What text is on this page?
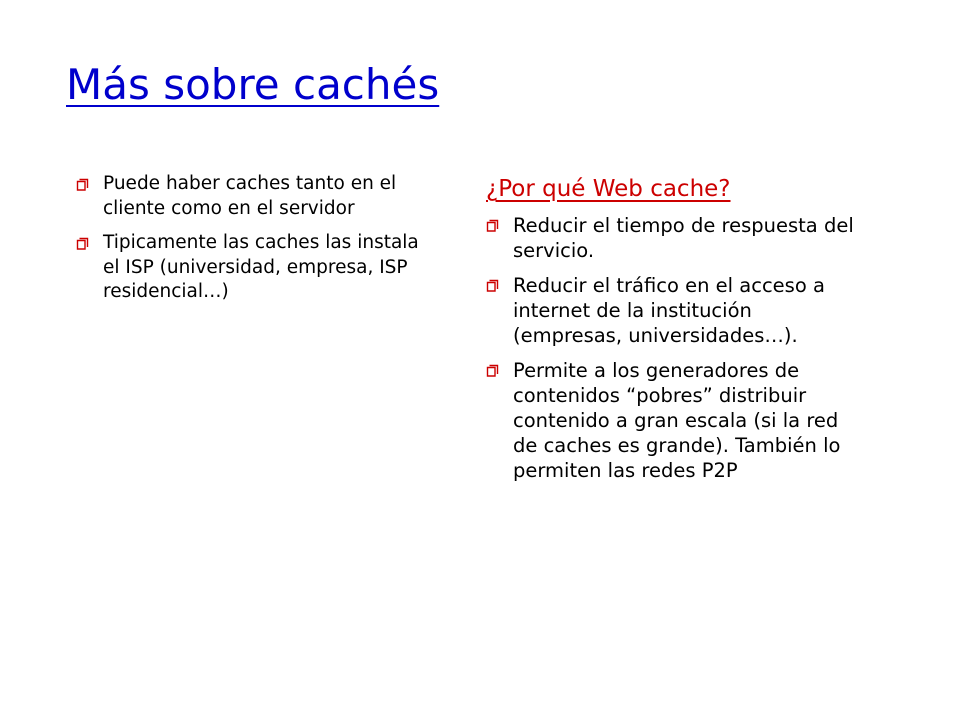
Más sobre cachés
Puede haber caches tanto en el cliente como en el servidor
Tipicamente las caches las instala el ISP (universidad, empresa, ISP residencial…)
¿Por qué Web cache?
Reducir el tiempo de respuesta del servicio.
Reducir el tráfico en el acceso a internet de la institución (empresas, universidades…).
Permite a los generadores de contenidos “pobres” distribuir contenido a gran escala (si la red de caches es grande). También lo permiten las redes P2P
